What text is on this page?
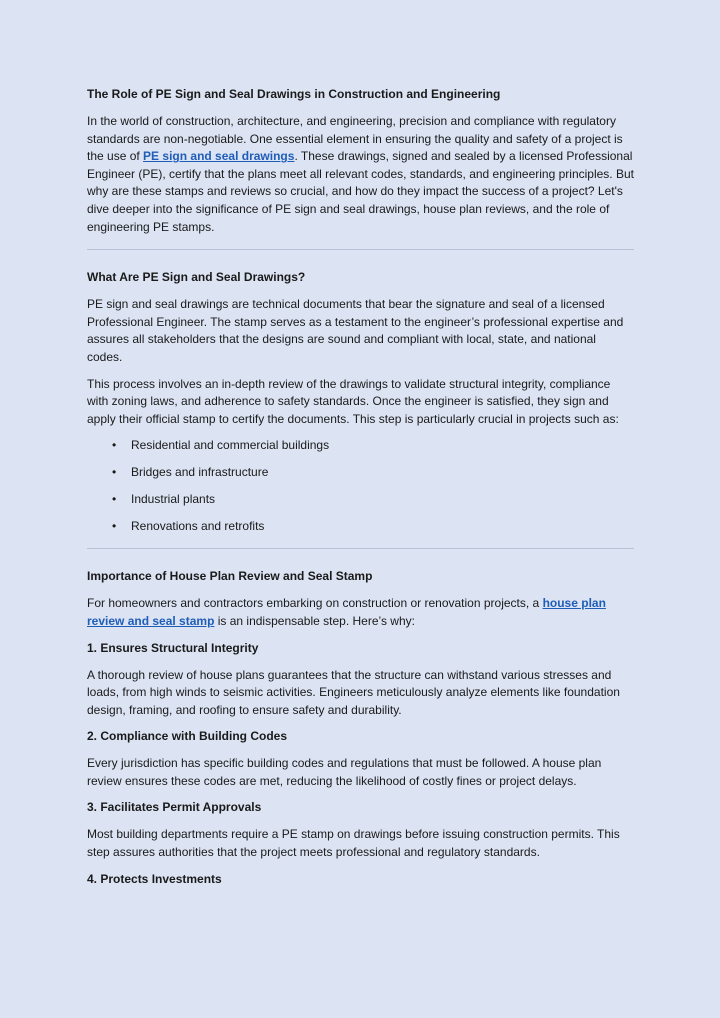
The Role of PE Sign and Seal Drawings in Construction and Engineering

In the world of construction, architecture, and engineering, precision and compliance with regulatory standards are non-negotiable. One essential element in ensuring the quality and safety of a project is the use of PE sign and seal drawings. These drawings, signed and sealed by a licensed Professional Engineer (PE), certify that the plans meet all relevant codes, standards, and engineering principles. But why are these stamps and reviews so crucial, and how do they impact the success of a project? Let's dive deeper into the significance of PE sign and seal drawings, house plan reviews, and the role of engineering PE stamps.

What Are PE Sign and Seal Drawings?

PE sign and seal drawings are technical documents that bear the signature and seal of a licensed Professional Engineer. The stamp serves as a testament to the engineer’s professional expertise and assures all stakeholders that the designs are sound and compliant with local, state, and national codes.

This process involves an in-depth review of the drawings to validate structural integrity, compliance with zoning laws, and adherence to safety standards. Once the engineer is satisfied, they sign and apply their official stamp to certify the documents. This step is particularly crucial in projects such as:

• Residential and commercial buildings
• Bridges and infrastructure
• Industrial plants
• Renovations and retrofits
Importance of House Plan Review and Seal Stamp

For homeowners and contractors embarking on construction or renovation projects, a house plan review and seal stamp is an indispensable step. Here’s why:

1. Ensures Structural Integrity

A thorough review of house plans guarantees that the structure can withstand various stresses and loads, from high winds to seismic activities. Engineers meticulously analyze elements like foundation design, framing, and roofing to ensure safety and durability.

2. Compliance with Building Codes

Every jurisdiction has specific building codes and regulations that must be followed. A house plan review ensures these codes are met, reducing the likelihood of costly fines or project delays.

3. Facilitates Permit Approvals

Most building departments require a PE stamp on drawings before issuing construction permits. This step assures authorities that the project meets professional and regulatory standards.

4. Protects Investments
